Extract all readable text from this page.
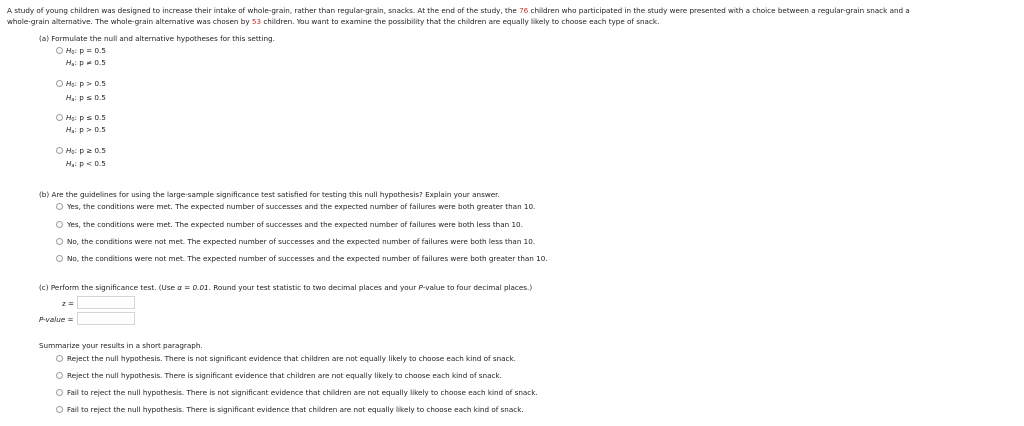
A study of young children was designed to increase their intake of whole-grain, rather than regular-grain, snacks. At the end of the study, the 76 children who participated in the study were presented with a choice between a regular-grain snack and a
whole-grain alternative. The whole-grain alternative was chosen by 53 children. You want to examine the possibility that the children are equally likely to choose each type of snack.
(a) Formulate the null and alternative hypotheses for this setting.
$H_0$: p = 0.5
$H_a$: p ≠ 0.5
$H_0$: p > 0.5
$H_a$: p ≤ 0.5
$H_0$: p ≤ 0.5
$H_a$: p > 0.5
$H_0$: p ≥ 0.5
$H_a$: p < 0.5
(b) Are the guidelines for using the large-sample significance test satisfied for testing this null hypothesis? Explain your answer.
Yes, the conditions were met. The expected number of successes and the expected number of failures were both greater than 10.
Yes, the conditions were met. The expected number of successes and the expected number of failures were both less than 10.
No, the conditions were not met. The expected number of successes and the expected number of failures were both less than 10.
No, the conditions were not met. The expected number of successes and the expected number of failures were both greater than 10.
(c) Perform the significance test. (Use α = 0.01. Round your test statistic to two decimal places and your P-value to four decimal places.)
z =
P-value =
Summarize your results in a short paragraph.
Reject the null hypothesis. There is not significant evidence that children are not equally likely to choose each kind of snack.
Reject the null hypothesis. There is significant evidence that children are not equally likely to choose each kind of snack.
Fail to reject the null hypothesis. There is not significant evidence that children are not equally likely to choose each kind of snack.
Fail to reject the null hypothesis. There is significant evidence that children are not equally likely to choose each kind of snack.
